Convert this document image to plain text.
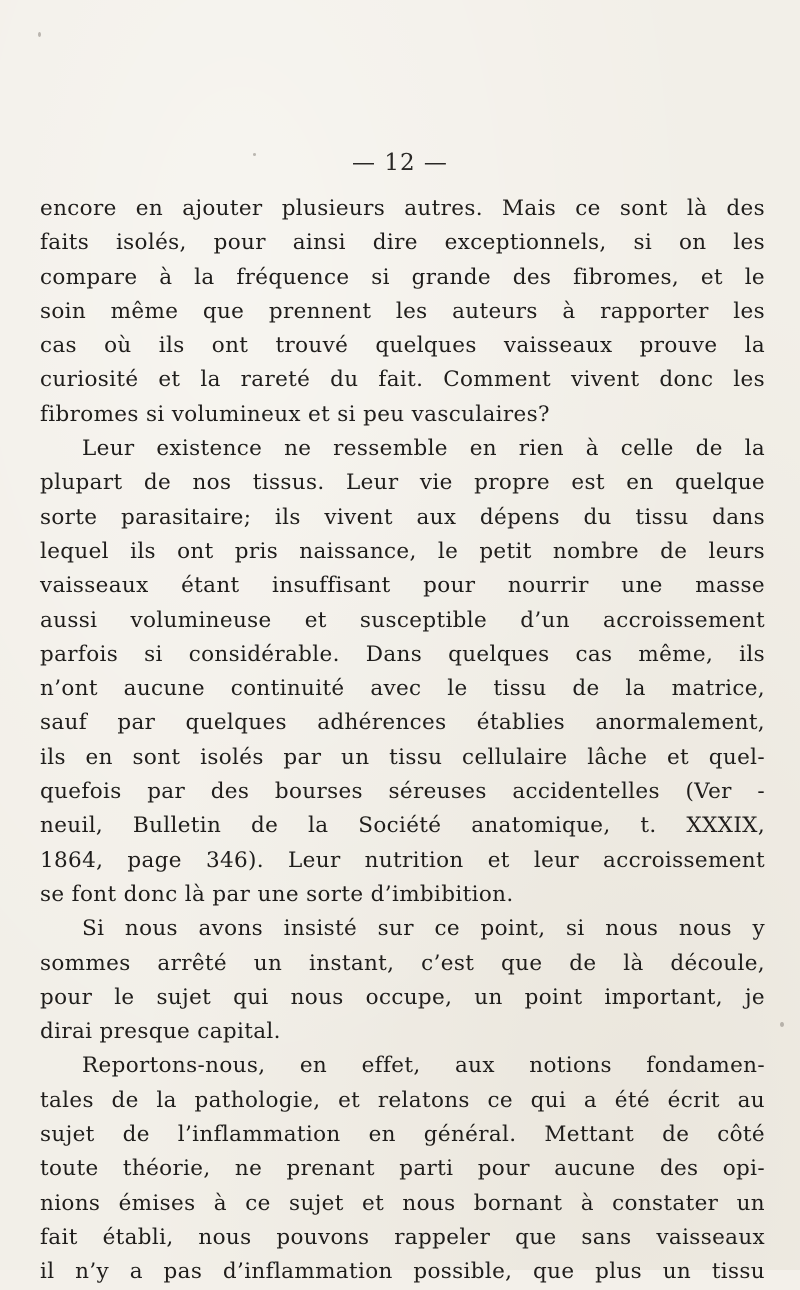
— 12 —
encore en ajouter plusieurs autres. Mais ce sont là des
faits isolés, pour ainsi dire exceptionnels, si on les
compare à la fréquence si grande des fibromes, et le
soin même que prennent les auteurs à rapporter les
cas où ils ont trouvé quelques vaisseaux prouve la
curiosité et la rareté du fait. Comment vivent donc les
fibromes si volumineux et si peu vasculaires?
Leur existence ne ressemble en rien à celle de la
plupart de nos tissus. Leur vie propre est en quelque
sorte parasitaire; ils vivent aux dépens du tissu dans
lequel ils ont pris naissance, le petit nombre de leurs
vaisseaux étant insuffisant pour nourrir une masse
aussi volumineuse et susceptible d’un accroissement
parfois si considérable. Dans quelques cas même, ils
n’ont aucune continuité avec le tissu de la matrice,
sauf par quelques adhérences établies anormalement,
ils en sont isolés par un tissu cellulaire lâche et quel-
quefois par des bourses séreuses accidentelles (Ver -
neuil, Bulletin de la Société anatomique, t. XXXIX,
1864, page 346). Leur nutrition et leur accroissement
se font donc là par une sorte d’imbibition.
Si nous avons insisté sur ce point, si nous nous y
sommes arrêté un instant, c’est que de là découle,
pour le sujet qui nous occupe, un point important, je
dirai presque capital.
Reportons-nous, en effet, aux notions fondamen-
tales de la pathologie, et relatons ce qui a été écrit au
sujet de l’inflammation en général. Mettant de côté
toute théorie, ne prenant parti pour aucune des opi-
nions émises à ce sujet et nous bornant à constater un
fait établi, nous pouvons rappeler que sans vaisseaux
il n’y a pas d’inflammation possible, que plus un tissu
